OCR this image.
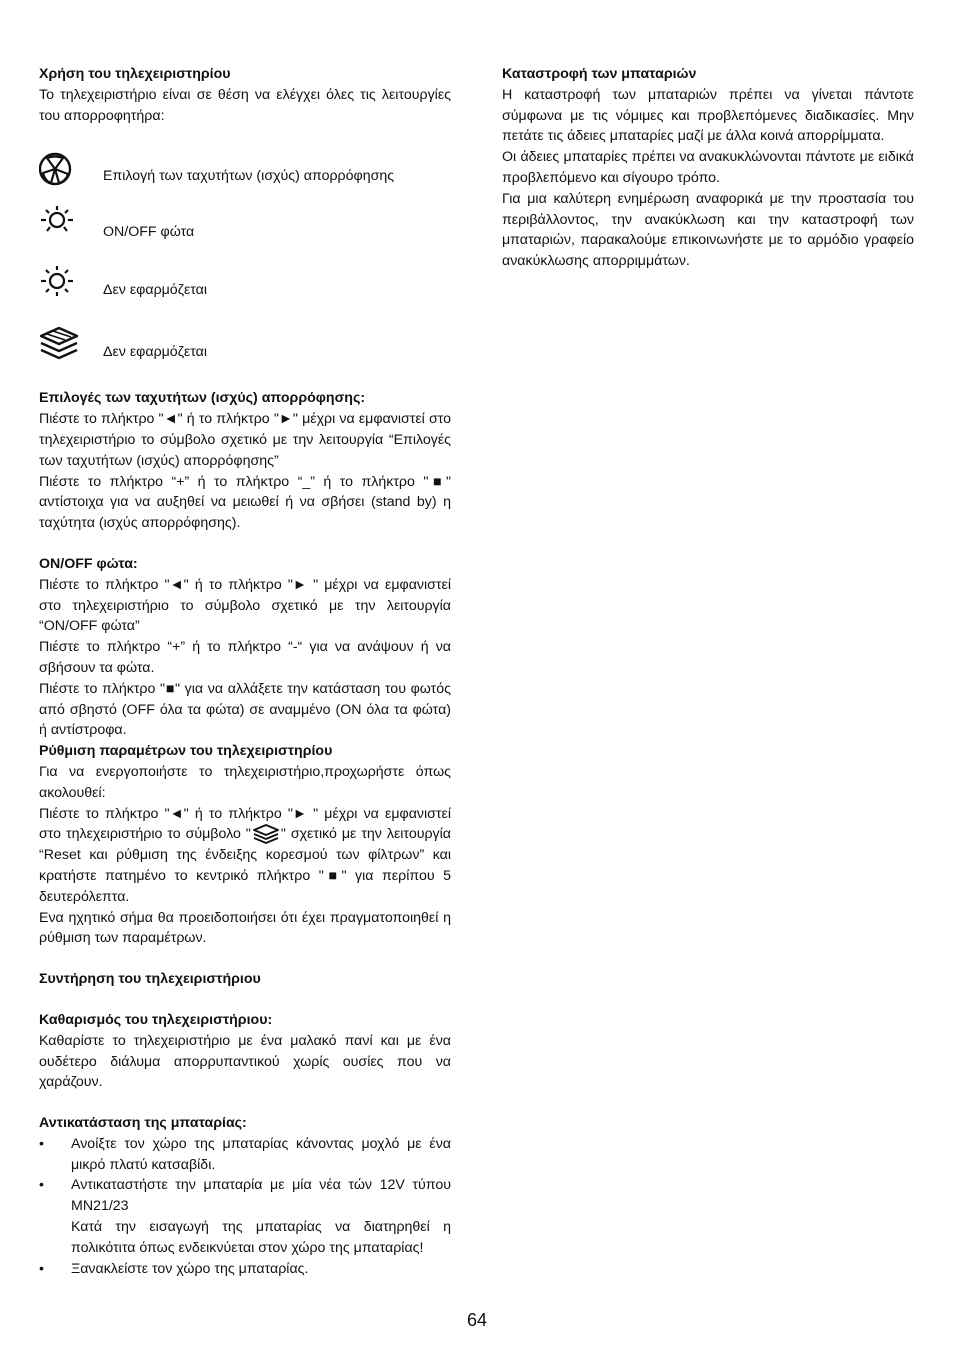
Χρήση του τηλεχειριστηρίου

Το τηλεχειριστήριο είναι σε θέση να ελέγχει όλες τις λειτουργίες του απορροφητήρα:

Επιλογή των ταχυτήτων (ισχύς) απορρόφησης
ON/OFF φώτα
Δεν εφαρμόζεται
Δεν εφαρμόζεται
Επιλογές των ταχυτήτων (ισχύς) απορρόφησης:

Πιέστε το πλήκτρο "◄" ή το πλήκτρο "►" μέχρι να εμφανιστεί στο τηλεχειριστήριο το σύμβολο σχετικό με την λειτουργία “Επιλογές των ταχυτήτων (ισχύς) απορρόφησης”

Πιέστε το πλήκτρο “+” ή το πλήκτρο “_” ή το πλήκτρο "■" αντίστοιχα για να αυξηθεί να μειωθεί ή να σβήσει (stand by) η ταχύτητα (ισχύς απορρόφησης).

ON/OFF φώτα:

Πιέστε το πλήκτρο "◄" ή το πλήκτρο "► " μέχρι να εμφανιστεί στο τηλεχειριστήριο το σύμβολο σχετικό με την λειτουργία “ON/OFF φώτα”

Πιέστε το πλήκτρο “+” ή το πλήκτρο “-“ για να ανάψουν ή να σβήσουν τα φώτα.

Πιέστε το πλήκτρο "■" για να αλλάξετε την κατάσταση του φωτός από σβηστό (OFF όλα τα φώτα) σε αναμμένο (ON όλα τα φώτα) ή αντίστροφα.

Ρύθμιση παραμέτρων του τηλεχειριστηρίου

Για να ενεργοποιήστε το τηλεχειριστήριο,προχωρήστε όπως ακολουθεί:

Πιέστε το πλήκτρο "◄" ή το πλήκτρο "► " μέχρι να εμφανιστεί στο τηλεχειριστήριο το σύμβολο " " σχετικό με την λειτουργία “Reset και ρύθμιση της ένδειξης κορεσμού των φίλτρων” και κρατήστε πατημένο το κεντρικό πλήκτρο "■" για περίπου 5 δευτερόλεπτα.

Ενα ηχητικό σήμα θα προειδοποιήσει ότι έχει πραγματοποιηθεί η ρύθμιση των παραμέτρων.

Συντήρηση του τηλεχειριστήριου
Καθαρισμός του τηλεχειριστήριου:

Καθαρίστε το τηλεχειριστήριο με ένα μαλακό πανί και με ένα ουδέτερο διάλυμα απορρυπαντικού χωρίς ουσίες που να χαράζουν.

Αντικατάσταση της μπαταρίας:
• Ανοίξτε τον χώρο της μπαταρίας κάνοντας μοχλό με ένα μικρό πλατύ κατσαβίδι.
• Αντικαταστήστε την μπαταρία με μία νέα τών 12V τύπου MN21/23
Κατά την εισαγωγή της μπαταρίας να διατηρηθεί η πολικότιτα όπως ενδεικνύεται στον χώρο της μπαταρίας!
• Ξανακλείστε τον χώρο της μπαταρίας.
Καταστροφή των μπαταριών

Η καταστροφή των μπαταριών πρέπει να γίνεται πάντοτε σύμφωνα με τις νόμιμες και προβλεπόμενες διαδικασίες. Μην πετάτε τις άδειες μπαταρίες μαζί με άλλα κοινά απορρίμματα.

Οι άδειες μπαταρίες πρέπει να ανακυκλώνονται πάντοτε με ειδικά προβλεπόμενο και σίγουρο τρόπο.

Για μια καλύτερη ενημέρωση αναφορικά με την προστασία του περιβάλλοντος, την ανακύκλωση και την καταστροφή των μπαταριών, παρακαλούμε επικοινωνήστε με το αρμόδιο γραφείο ανακύκλωσης απορριμμάτων.

64
